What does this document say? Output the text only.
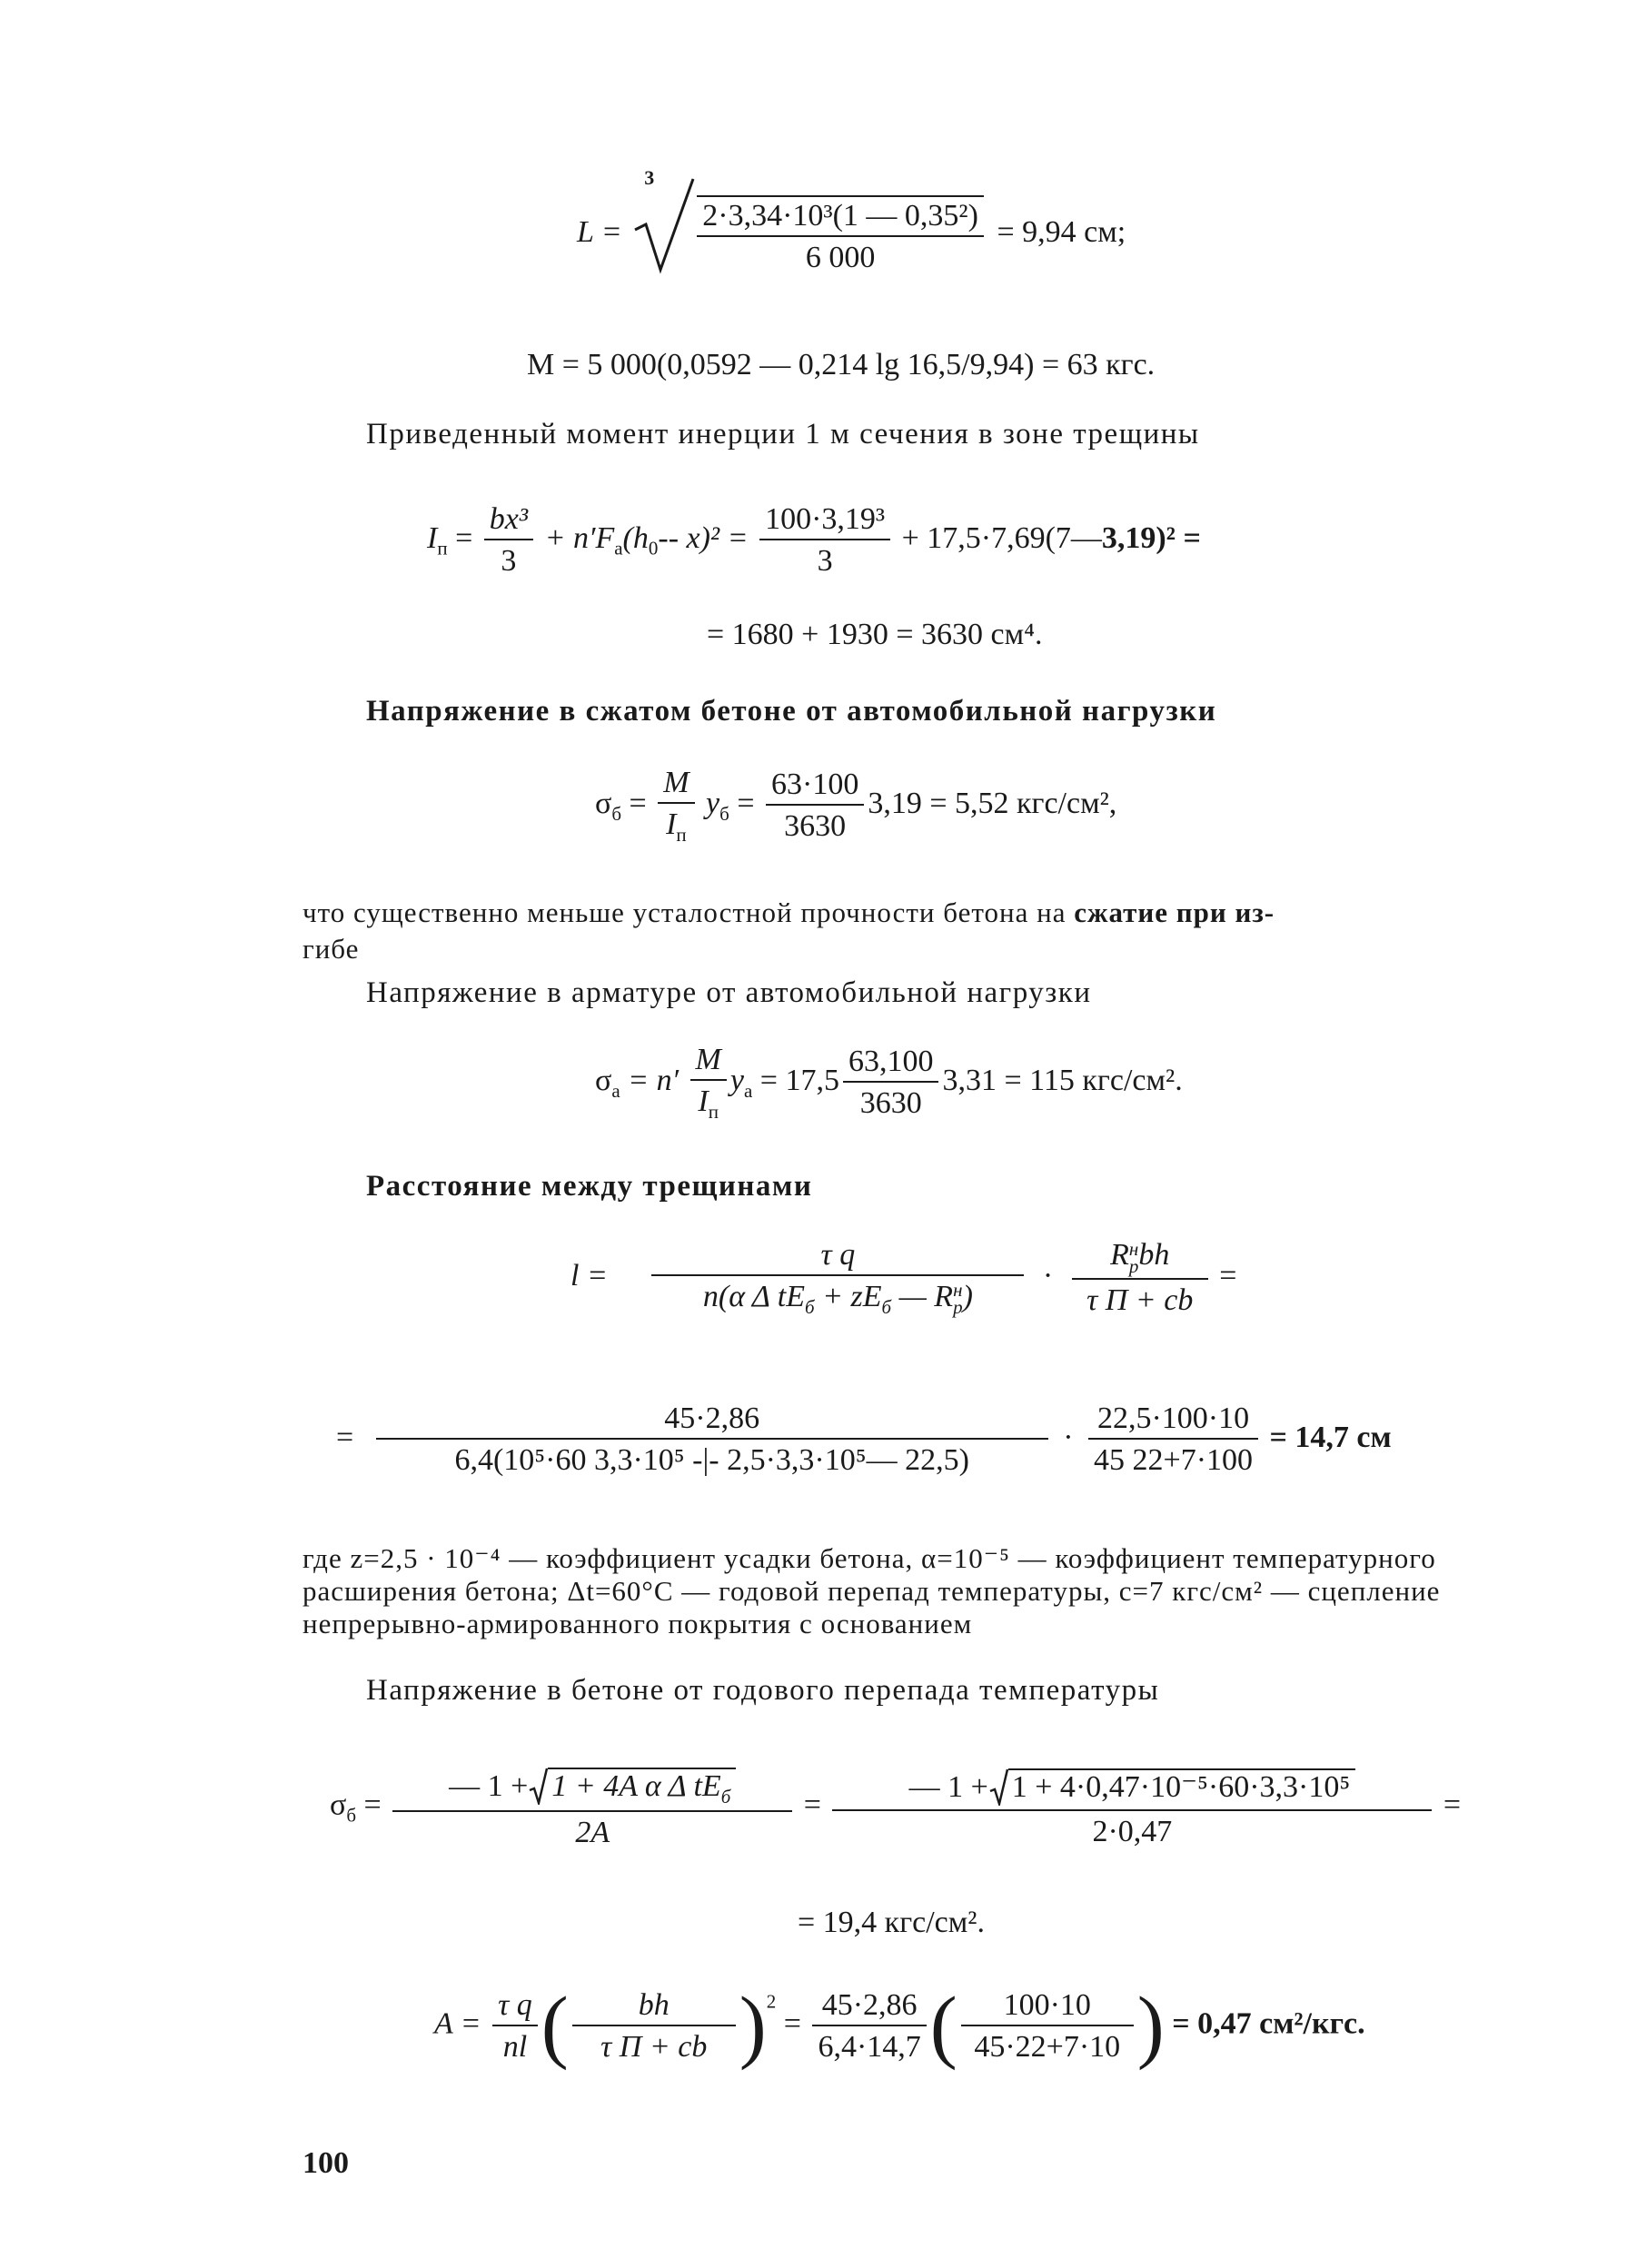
L =
3
$\frac{\text{2·3,34·10³(1 — 0,35²)}}{6 000} = 9,94$ см;
M = 5 000(0,0592 — 0,214 lg 16,5/9,94) = 63 кгс.
Приведенный момент инерции 1 м сечения в зоне трещины
$I_п = \frac{\text{bx³}}{3} + n'F_а(h_0--$ $x)^2 = \frac{\text{100·3,19³}}{3}$ + 17,5·7,69(7—3,19)² =
= 1680 + 1930 = 3630 см⁴.
Напряжение в сжатом бетоне от автомобильной нагрузки
$\sigma_б = \frac{M}{I_п} y_б = \frac{63\cdot 100}{3630} 3,19 = 5,52$ кгс/см²,
что существенно меньше усталостной прочности бетона на сжатие при из-
гибе
Напряжение в арматуре от автомобильной нагрузки
$\sigma_а = n' \frac{M}{I_п} y_а = 17,5 \frac{63,100}{3630} 3,31 = 115$ кгс/см².
Расстояние между трещинами
l = τ q
n(α Δ $tE_б + zE_б$ — R н
р ) · R н
р bh
τ П + cb =
= $\frac{45\cdot 2,86}{\text{6,4(10⁵·60 3,3·10⁵ -|- 2,5·3,3·10⁵— 22,5)}} \cdot \frac{22,5\cdot 100\cdot 10}{45 22+7\cdot 100} = 14,7$ см
где z=2,5 · 10⁻⁴ — коэффициент усадки бетона, α=10⁻⁵ — коэффициент температурного расширения бетона; Δt=60°С — годовой перепад температуры, c=7 кгс/см² — сцепление непрерывно-армированного покрытия с основанием
Напряжение в бетоне от годового перепада температуры
$\sigma_б = \frac{— 1 + 1 + 4A \alpha \Delta tE_б}{2A} = \frac{\text{— 1 + 1 + 4·0,47·10⁻⁵·60·3,3·10⁵}}{2\cdot 0,47}$ =
= 19,4 кгс/см².
$A = \frac{\text{τ q}}{nl}$ ( $\frac{bh}{\text{τ П + cb}} )^2 = \frac{45\cdot 2,86}{6,4\cdot 14,7}$ ( $\frac{100\cdot 10}{45\cdot 22+7\cdot 10}$ ) = 0,47 см²/кгс.
100
